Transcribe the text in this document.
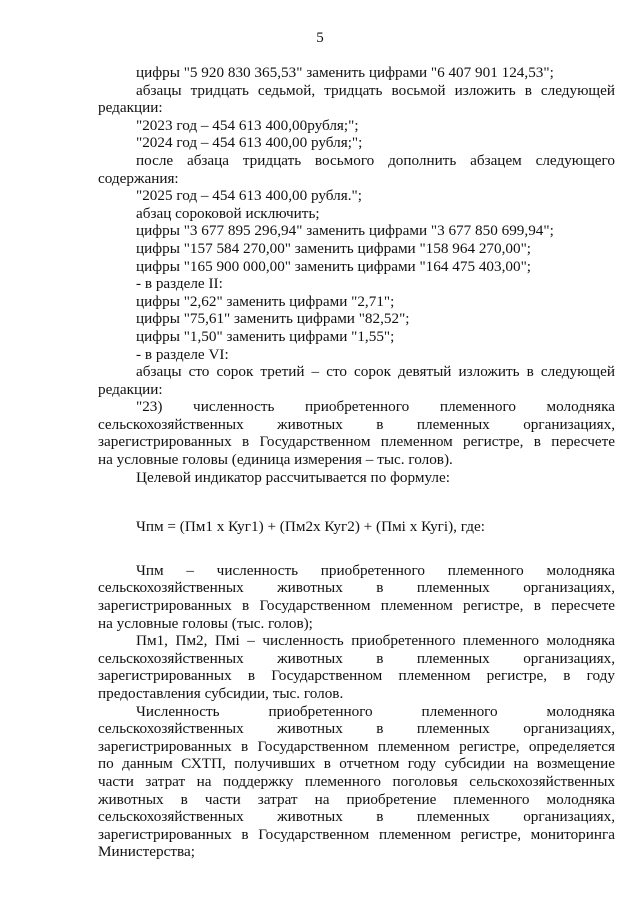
5
цифры "5 920 830 365,53" заменить цифрами "6 407 901 124,53";
абзацы тридцать седьмой, тридцать восьмой изложить в следующей
редакции:
"2023 год – 454 613 400,00рубля;";
"2024 год – 454 613 400,00 рубля;";
после абзаца тридцать восьмого дополнить абзацем следующего
содержания:
"2025 год – 454 613 400,00 рубля.";
абзац сороковой исключить;
цифры "3 677 895 296,94" заменить цифрами "3 677 850 699,94";
цифры "157 584 270,00" заменить цифрами "158 964 270,00";
цифры "165 900 000,00" заменить цифрами "164 475 403,00";
- в разделе II:
цифры "2,62" заменить цифрами "2,71";
цифры "75,61" заменить цифрами "82,52";
цифры "1,50" заменить цифрами "1,55";
- в разделе VI:
абзацы сто сорок третий – сто сорок девятый изложить в следующей
редакции:
"23) численность приобретенного племенного молодняка
сельскохозяйственных животных в племенных организациях,
зарегистрированных в Государственном племенном регистре, в пересчете
на условные головы (единица измерения – тыс. голов).
Целевой индикатор рассчитывается по формуле:
Чпм = (Пм1 х Куг1) + (Пм2х Куг2) + (Пмi х Кугi), где:
Чпм – численность приобретенного племенного молодняка
сельскохозяйственных животных в племенных организациях,
зарегистрированных в Государственном племенном регистре, в пересчете
на условные головы (тыс. голов);
Пм1, Пм2, Пмi – численность приобретенного племенного молодняка
сельскохозяйственных животных в племенных организациях,
зарегистрированных в Государственном племенном регистре, в году
предоставления субсидии, тыс. голов.
Численность приобретенного племенного молодняка
сельскохозяйственных животных в племенных организациях,
зарегистрированных в Государственном племенном регистре, определяется
по данным СХТП, получивших в отчетном году субсидии на возмещение
части затрат на поддержку племенного поголовья сельскохозяйственных
животных в части затрат на приобретение племенного молодняка
сельскохозяйственных животных в племенных организациях,
зарегистрированных в Государственном племенном регистре, мониторинга
Министерства;
